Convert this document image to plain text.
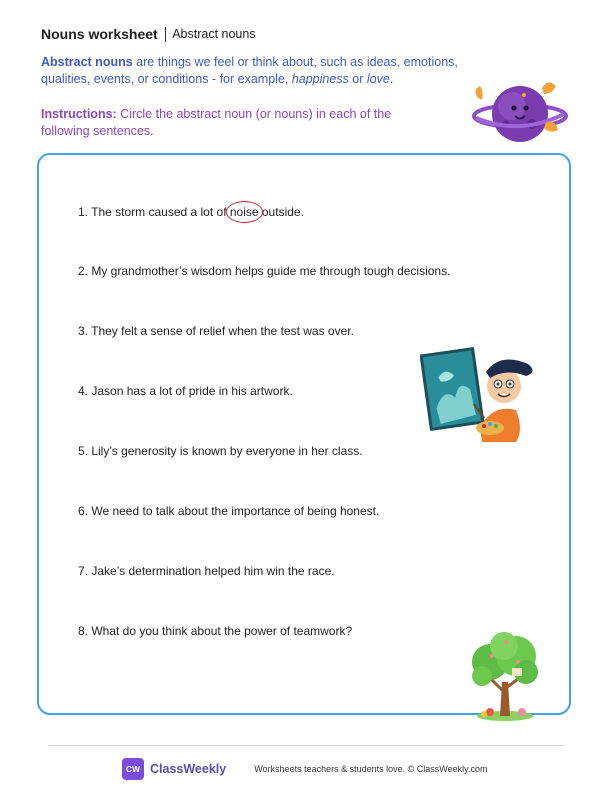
Nouns worksheet Abstract nouns
Abstract nouns are things we feel or think about, such as ideas, emotions, qualities, events, or conditions - for example, happiness or love.
Instructions: Circle the abstract noun (or nouns) in each of the following sentences.
1. The storm caused a lot of noise outside.
2. My grandmother’s wisdom helps guide me through tough decisions.
3. They felt a sense of relief when the test was over.
4. Jason has a lot of pride in his artwork.
5. Lily’s generosity is known by everyone in her class.
6. We need to talk about the importance of being honest.
7. Jake’s determination helped him win the race.
8. What do you think about the power of teamwork?
CW ClassWeekly	Worksheets teachers & students love. © ClassWeekly.com
